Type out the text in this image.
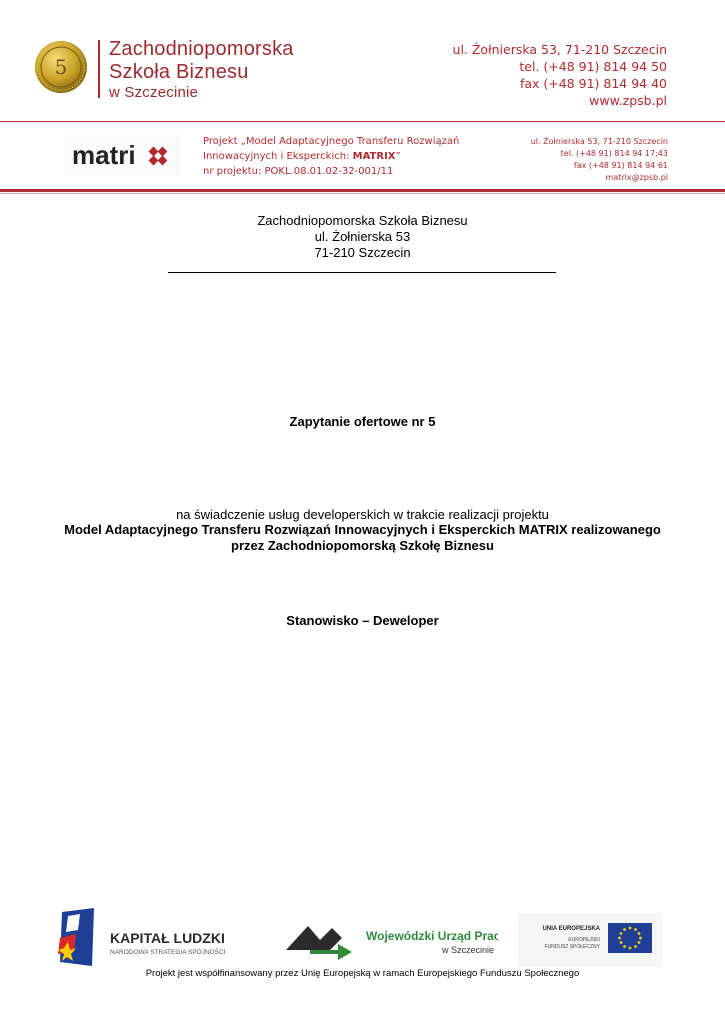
5
Zachodniopomorska
Szkoła Biznesu
w Szczecinie
ul. Żołnierska 53, 71-210 Szczecin
tel. (+48 91) 814 94 50
fax (+48 91) 814 94 40
www.zpsb.pl
matri	Projekt „Model Adaptacyjnego Transferu Rozwiązań
Innowacyjnych i Eksperckich: MATRIX”
nr projektu: POKL.08.01.02-32-001/11
ul. Żołnierska 53, 71-210 Szczecin
tel. (+48 91) 814 94 17;43
fax (+48 91) 814 94 61
matrix@zpsb.pl
Zachodniopomorska Szkoła Biznesu
ul. Żołnierska 53
71-210 Szczecin
Zapytanie ofertowe nr 5
na świadczenie usług developerskich w trakcie realizacji projektu
Model Adaptacyjnego Transferu Rozwiązań Innowacyjnych i Eksperckich MATRIX realizowanego
przez Zachodniopomorską Szkołę Biznesu
Stanowisko – Deweloper
KAPITAŁ LUDZKI
NARODOWA STRATEGIA SPÓJNOŚCI
Wojewódzki Urząd Pracy
w Szczecinie
UNIA EUROPEJSKA
EUROPEJSKI
FUNDUSZ SPOŁECZNY
Projekt jest współfinansowany przez Unię Europejską w ramach Europejskiego Funduszu Społecznego
